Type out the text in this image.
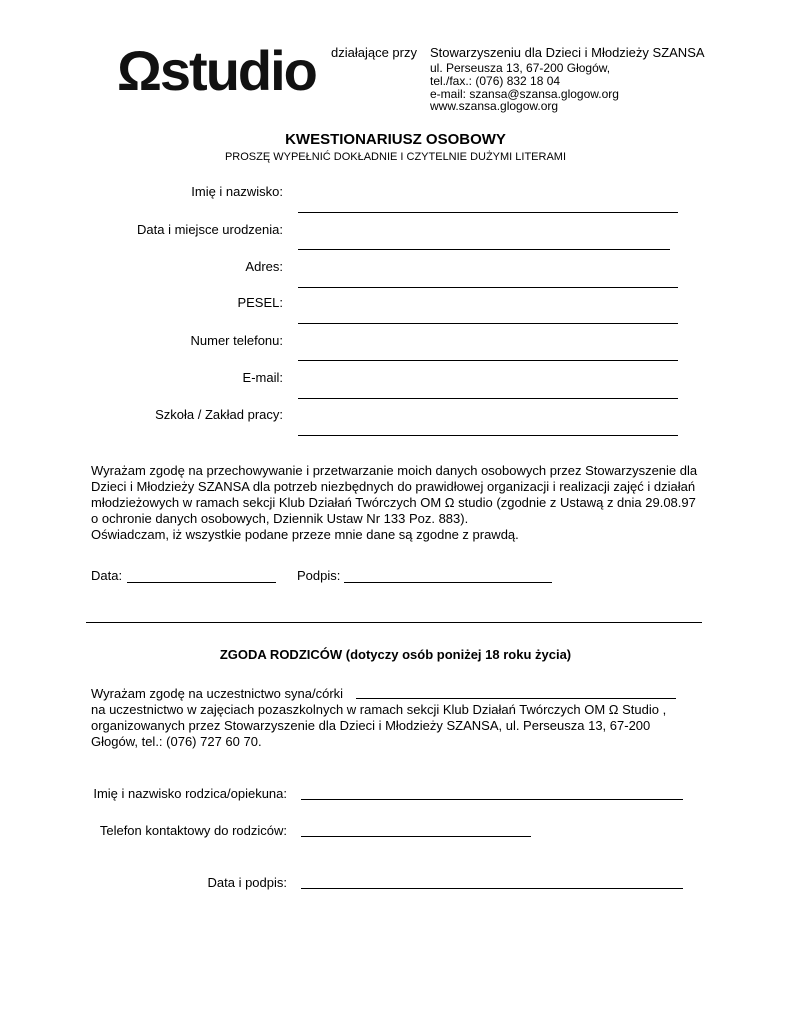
Ωstudio działające przy Stowarzyszeniu dla Dzieci i Młodzieży SZANSA
ul. Perseusza 13, 67-200 Głogów,
tel./fax.: (076) 832 18 04
e-mail: szansa@szansa.glogow.org
www.szansa.glogow.org
KWESTIONARIUSZ OSOBOWY
PROSZĘ WYPEŁNIĆ DOKŁADNIE I CZYTELNIE DUŻYMI LITERAMI
Imię i nazwisko:
Data i miejsce urodzenia:
Adres:
PESEL:
Numer telefonu:
E-mail:
Szkoła / Zakład pracy:
Wyrażam zgodę na przechowywanie i przetwarzanie moich danych osobowych przez Stowarzyszenie dla
Dzieci i Młodzieży SZANSA dla potrzeb niezbędnych do prawidłowej organizacji i realizacji zajęć i działań
młodzieżowych w ramach sekcji Klub Działań Twórczych OM Ω studio (zgodnie z Ustawą z dnia 29.08.97
o ochronie danych osobowych, Dziennik Ustaw Nr 133 Poz. 883).
Oświadczam, iż wszystkie podane przeze mnie dane są zgodne z prawdą.
Data:	Podpis:
ZGODA RODZICÓW (dotyczy osób poniżej 18 roku życia)
Wyrażam zgodę na uczestnictwo syna/córki
na uczestnictwo w zajęciach pozaszkolnych w ramach sekcji Klub Działań Twórczych OM Ω Studio ,
organizowanych przez Stowarzyszenie dla Dzieci i Młodzieży SZANSA, ul. Perseusza 13, 67-200
Głogów, tel.: (076) 727 60 70.
Imię i nazwisko rodzica/opiekuna:
Telefon kontaktowy do rodziców:
Data i podpis:
